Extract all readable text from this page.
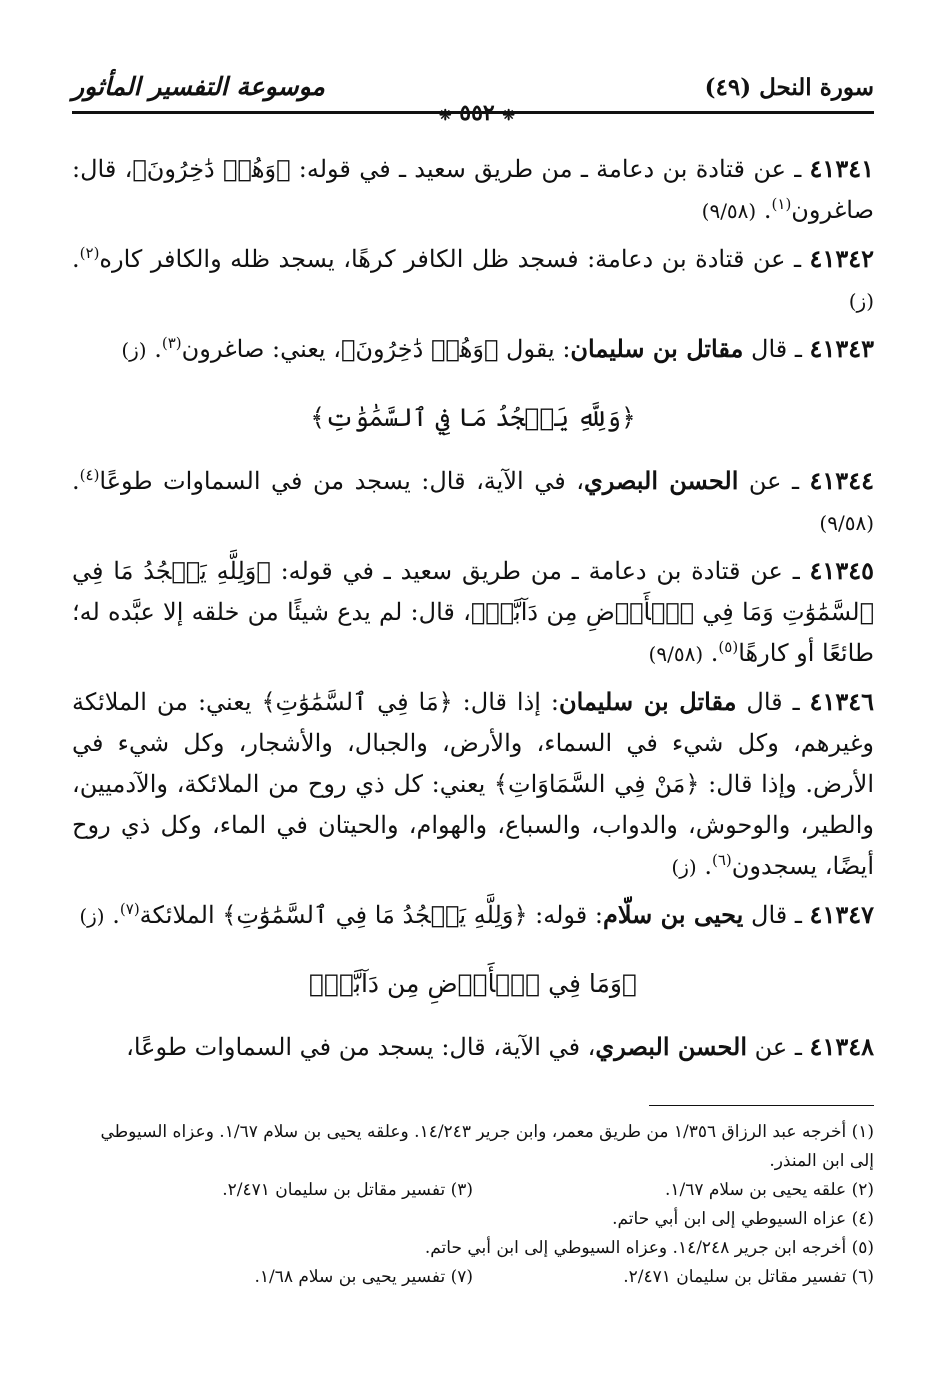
سورة النحل (٤٩)
موسوعة التفسير المأثور
❈ ٥٥٢ ❈

٤١٣٤١ ـ عن قتادة بن دعامة ـ من طريق سعيد ـ في قوله: ﴿وَهُمۡ دَٰخِرُونَ﴾، قال: صاغرون$^{(١)}$. (٩/٥٨)

٤١٣٤٢ ـ عن قتادة بن دعامة: فسجد ظل الكافر كرهًا، يسجد ظله والكافر كاره$^{(٢)}$. (ز)

٤١٣٤٣ ـ قال مقاتل بن سليمان: يقول ﴿وَهُمۡ دَٰخِرُونَ﴾، يعني: صاغرون$^{(٣)}$. (ز)

﴿وَلِلَّهِ يَسۡجُدُ مَا فِي ٱلسَّمَٰوَٰتِ﴾

٤١٣٤٤ ـ عن الحسن البصري، في الآية، قال: يسجد من في السماوات طوعًا$^{(٤)}$. (٩/٥٨)

٤١٣٤٥ ـ عن قتادة بن دعامة ـ من طريق سعيد ـ في قوله: ﴿وَلِلَّهِ يَسۡجُدُ مَا فِي ٱلسَّمَٰوَٰتِ وَمَا فِي ٱلۡأَرۡضِ مِن دَآبَّةٖ﴾، قال: لم يدع شيئًا من خلقه إلا عبَّده له؛ طائعًا أو كارهًا$^{(٥)}$. (٩/٥٨)

٤١٣٤٦ ـ قال مقاتل بن سليمان: إذا قال: ﴿مَا فِي ٱلسَّمَٰوَٰتِ﴾ يعني: من الملائكة وغيرهم، وكل شيء في السماء، والأرض، والجبال، والأشجار، وكل شيء في الأرض. وإذا قال: ﴿مَنْ فِي السَّمَاوَاتِ﴾ يعني: كل ذي روح من الملائكة، والآدميين، والطير، والوحوش، والدواب، والسباع، والهوام، والحيتان في الماء، وكل ذي روح أيضًا، يسجدون$^{(٦)}$. (ز)

٤١٣٤٧ ـ قال يحيى بن سلّام: قوله: ﴿وَلِلَّهِ يَسۡجُدُ مَا فِي ٱلسَّمَٰوَٰتِ﴾ الملائكة$^{(٧)}$. (ز)

﴿وَمَا فِي ٱلۡأَرۡضِ مِن دَآبَّةٖ﴾

٤١٣٤٨ ـ عن الحسن البصري، في الآية، قال: يسجد من في السماوات طوعًا،

(١) أخرجه عبد الرزاق ١/٣٥٦ من طريق معمر، وابن جرير ١٤/٢٤٣. وعلقه يحيى بن سلام ١/٦٧. وعزاه السيوطي إلى ابن المنذر.

(٢) علقه يحيى بن سلام ١/٦٧.

(٣) تفسير مقاتل بن سليمان ٢/٤٧١.

(٤) عزاه السيوطي إلى ابن أبي حاتم.

(٥) أخرجه ابن جرير ١٤/٢٤٨. وعزاه السيوطي إلى ابن أبي حاتم.

(٦) تفسير مقاتل بن سليمان ٢/٤٧١.

(٧) تفسير يحيى بن سلام ١/٦٨.
